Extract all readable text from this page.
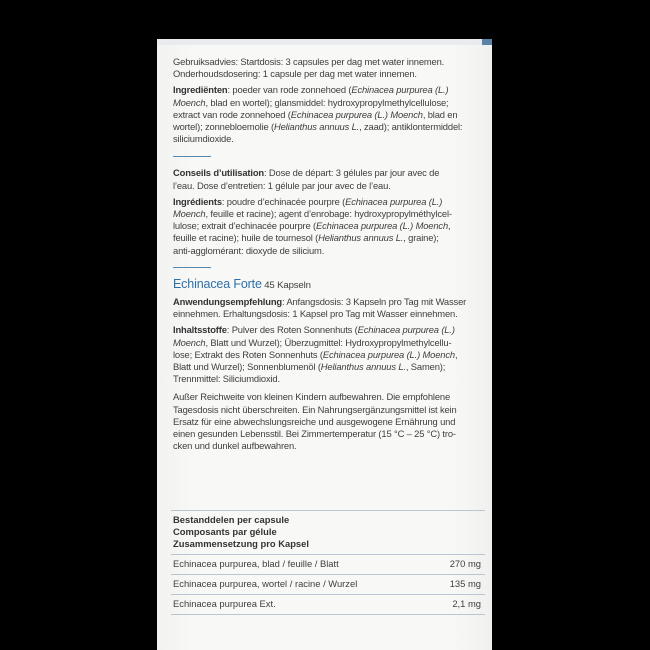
Gebruiksadvies: Startdosis: 3 capsules per dag met water innemen.
Onderhoudsdosering: 1 capsule per dag met water innemen.

Ingrediënten: poeder van rode zonnehoed (Echinacea purpurea (L.)
Moench, blad en wortel); glansmiddel: hydroxypropylmethylcellulose;
extract van rode zonnehoed (Echinacea purpurea (L.) Moench, blad en
wortel); zonnebloemolie (Helianthus annuus L., zaad); antiklontermiddel:
siliciumdioxide.

Conseils d’utilisation: Dose de départ: 3 gélules par jour avec de
l’eau. Dose d’entretien: 1 gélule par jour avec de l’eau.

Ingrédients: poudre d’echinacée pourpre (Echinacea purpurea (L.)
Moench, feuille et racine); agent d’enrobage: hydroxypropylméthylcel-
lulose; extrait d’echinacée pourpre (Echinacea purpurea (L.) Moench,
feuille et racine); huile de tournesol (Helianthus annuus L., graine);
anti-agglomérant: dioxyde de silicium.

Echinacea Forte 45 Kapseln

Anwendungsempfehlung: Anfangsdosis: 3 Kapseln pro Tag mit Wasser
einnehmen. Erhaltungsdosis: 1 Kapsel pro Tag mit Wasser einnehmen.

Inhaltsstoffe: Pulver des Roten Sonnenhuts (Echinacea purpurea (L.)
Moench, Blatt und Wurzel); Überzugmittel: Hydroxypropylmethylcellu-
lose; Extrakt des Roten Sonnenhuts (Echinacea purpurea (L.) Moench,
Blatt und Wurzel); Sonnenblumenöl (Helianthus annuus L., Samen);
Trennmittel: Siliciumdioxid.

Außer Reichweite von kleinen Kindern aufbewahren. Die empfohlene
Tagesdosis nicht überschreiten. Ein Nahrungsergänzungsmittel ist kein
Ersatz für eine abwechslungsreiche und ausgewogene Ernährung und
einen gesunden Lebensstil. Bei Zimmertemperatur (15 °C – 25 °C) tro-
cken und dunkel aufbewahren.

Bestanddelen per capsule
Composants par gélule
Zusammensetzung pro Kapsel
Echinacea purpurea, blad / feuille / Blatt	270 mg
Echinacea purpurea, wortel / racine / Wurzel	135 mg
Echinacea purpurea Ext.	2,1 mg
